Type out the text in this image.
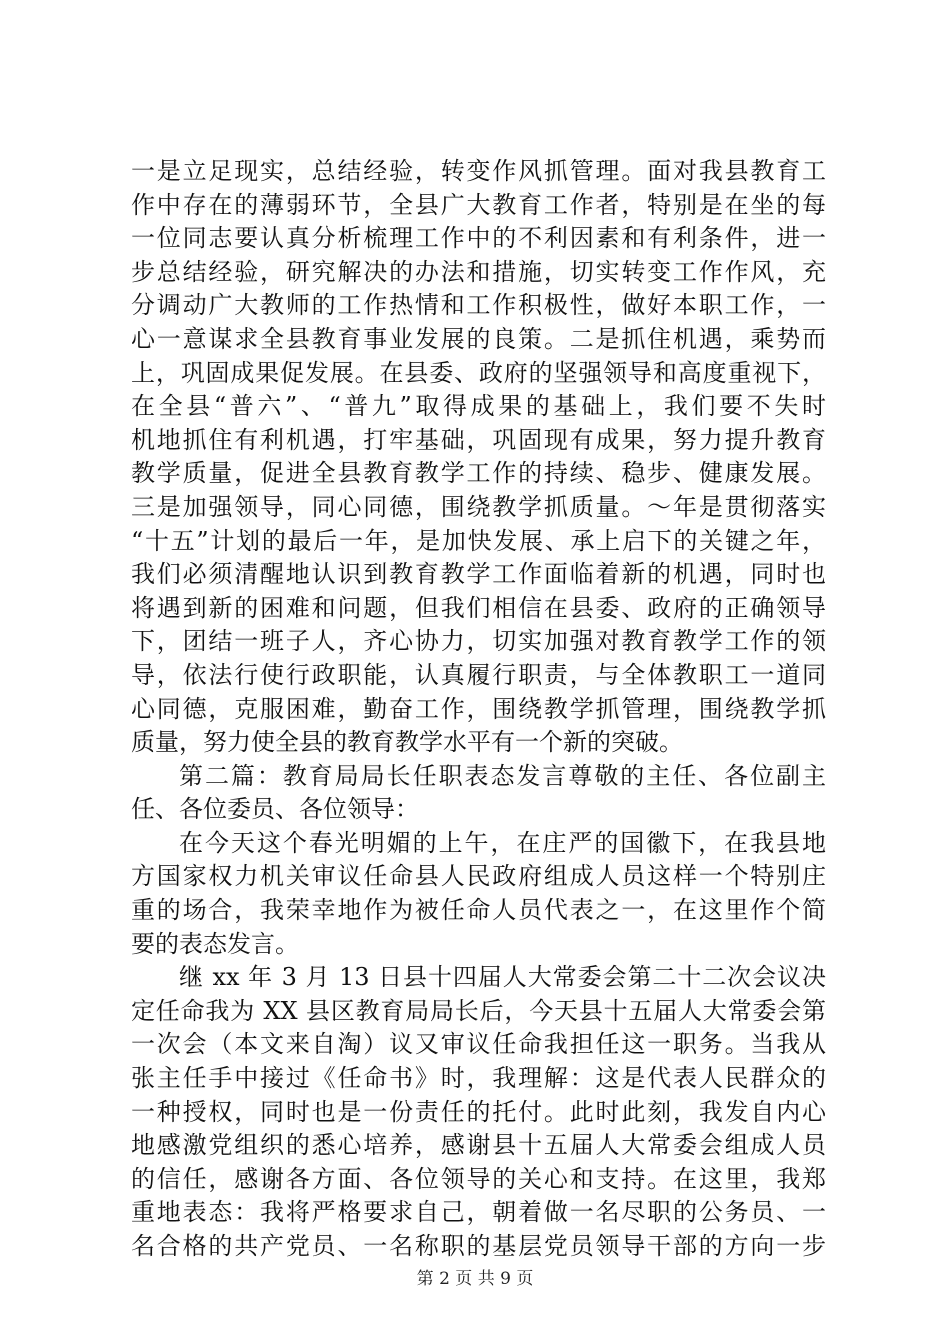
一是立足现实，总结经验，转变作风抓管理。面对我县教育工
作中存在的薄弱环节，全县广大教育工作者，特别是在坐的每
一位同志要认真分析梳理工作中的不利因素和有利条件，进一
步总结经验，研究解决的办法和措施，切实转变工作作风，充
分调动广大教师的工作热情和工作积极性，做好本职工作，一
心一意谋求全县教育事业发展的良策。二是抓住机遇，乘势而
上，巩固成果促发展。在县委、政府的坚强领导和高度重视下，
在全县“普六”、“普九”取得成果的基础上，我们要不失时
机地抓住有利机遇，打牢基础，巩固现有成果，努力提升教育
教学质量，促进全县教育教学工作的持续、稳步、健康发展。
三是加强领导，同心同德，围绕教学抓质量。～年是贯彻落实
“十五”计划的最后一年，是加快发展、承上启下的关键之年，
我们必须清醒地认识到教育教学工作面临着新的机遇，同时也
将遇到新的困难和问题，但我们相信在县委、政府的正确领导
下，团结一班子人，齐心协力，切实加强对教育教学工作的领
导，依法行使行政职能，认真履行职责，与全体教职工一道同
心同德，克服困难，勤奋工作，围绕教学抓管理，围绕教学抓
质量，努力使全县的教育教学水平有一个新的突破。
第二篇：教育局局长任职表态发言尊敬的主任、各位副主
任、各位委员、各位领导：
在今天这个春光明媚的上午，在庄严的国徽下，在我县地
方国家权力机关审议任命县人民政府组成人员这样一个特别庄
重的场合，我荣幸地作为被任命人员代表之一，在这里作个简
要的表态发言。
继 xx 年 3 月 13 日县十四届人大常委会第二十二次会议决
定任命我为 XX 县区教育局局长后，今天县十五届人大常委会第
一次会（本文来自淘）议又审议任命我担任这一职务。当我从
张主任手中接过《任命书》时，我理解：这是代表人民群众的
一种授权，同时也是一份责任的托付。此时此刻，我发自内心
地感激党组织的悉心培养，感谢县十五届人大常委会组成人员
的信任，感谢各方面、各位领导的关心和支持。在这里，我郑
重地表态：我将严格要求自己，朝着做一名尽职的公务员、一
名合格的共产党员、一名称职的基层党员领导干部的方向一步
第 2 页 共 9 页
